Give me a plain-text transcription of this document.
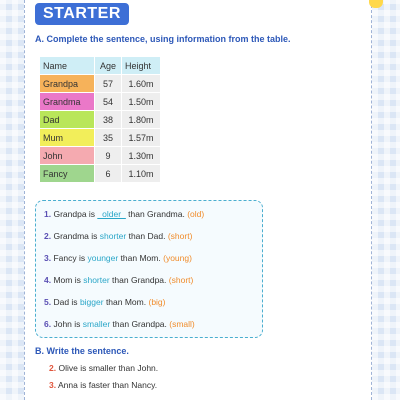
STARTER
A. Complete the sentence, using information from the table.
Name	Age	Height
Grandpa	57	1.60m
Grandma	54	1.50m
Dad	38	1.80m
Mum	35	1.57m
John	9	1.30m
Fancy	6	1.10m
1. Grandpa is _older_ than Grandma. (old)
2. Grandma is shorter than Dad. (short)
3. Fancy is younger than Mom. (young)
4. Mom is shorter than Grandpa. (short)
5. Dad is bigger than Mom. (big)
6. John is smaller than Grandpa. (small)
B. Write the sentence.
2. Olive is smaller than John.
3. Anna is faster than Nancy.
